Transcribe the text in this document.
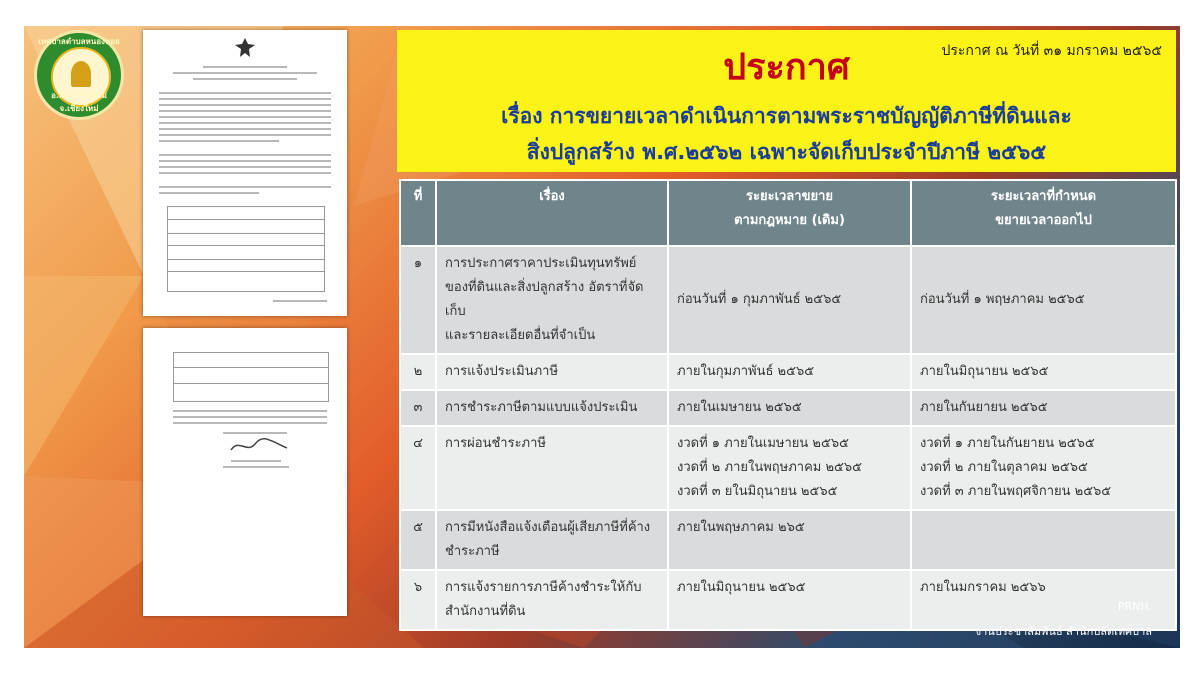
เทศบาลตำบลหนองหอย
อ.เมืองเชียงใหม่ จ.เชียงใหม่
ประกาศ	ประกาศ ณ วันที่ ๓๑ มกราคม ๒๕๖๕
เรื่อง การขยายเวลาดำเนินการตามพระราชบัญญัติภาษีที่ดินและ
สิ่งปลูกสร้าง พ.ศ.๒๕๖๒ เฉพาะจัดเก็บประจำปีภาษี ๒๕๖๕
ที่	เรื่อง	ระยะเวลาขยาย
ตามกฎหมาย (เดิม)	ระยะเวลาที่กำหนด
ขยายเวลาออกไป
๑	การประกาศราคาประเมินทุนทรัพย์
ของที่ดินและสิ่งปลูกสร้าง อัตราที่จัดเก็บ
และรายละเอียดอื่นที่จำเป็น	ก่อนวันที่ ๑ กุมภาพันธ์ ๒๕๖๕	ก่อนวันที่ ๑ พฤษภาคม ๒๕๖๕
๒	การแจ้งประเมินภาษี	ภายในกุมภาพันธ์ ๒๕๖๕	ภายในมิถุนายน ๒๕๖๕
๓	การชำระภาษีตามแบบแจ้งประเมิน	ภายในเมษายน ๒๕๖๕	ภายในกันยายน ๒๕๖๕
๔	การผ่อนชำระภาษี	งวดที่ ๑ ภายในเมษายน ๒๕๖๕
งวดที่ ๒ ภายในพฤษภาคม ๒๕๖๕
งวดที่ ๓ ยในมิถุนายน ๒๕๖๕	งวดที่ ๑ ภายในกันยายน ๒๕๖๕
งวดที่ ๒ ภายในตุลาคม ๒๕๖๕
งวดที่ ๓ ภายในพฤศจิกายน ๒๕๖๕
๕	การมีหนังสือแจ้งเตือนผู้เสียภาษีที่ค้าง
ชำระภาษี	ภายในพฤษภาคม ๒๖๕	
๖	การแจ้งรายการภาษีค้างชำระให้กับ
สำนักงานที่ดิน	ภายในมิถุนายน ๒๕๖๕	ภายในมกราคม ๒๕๖๖
PRNH.
งานประชาสัมพันธ์ สำนักปลัดเทศบาล
